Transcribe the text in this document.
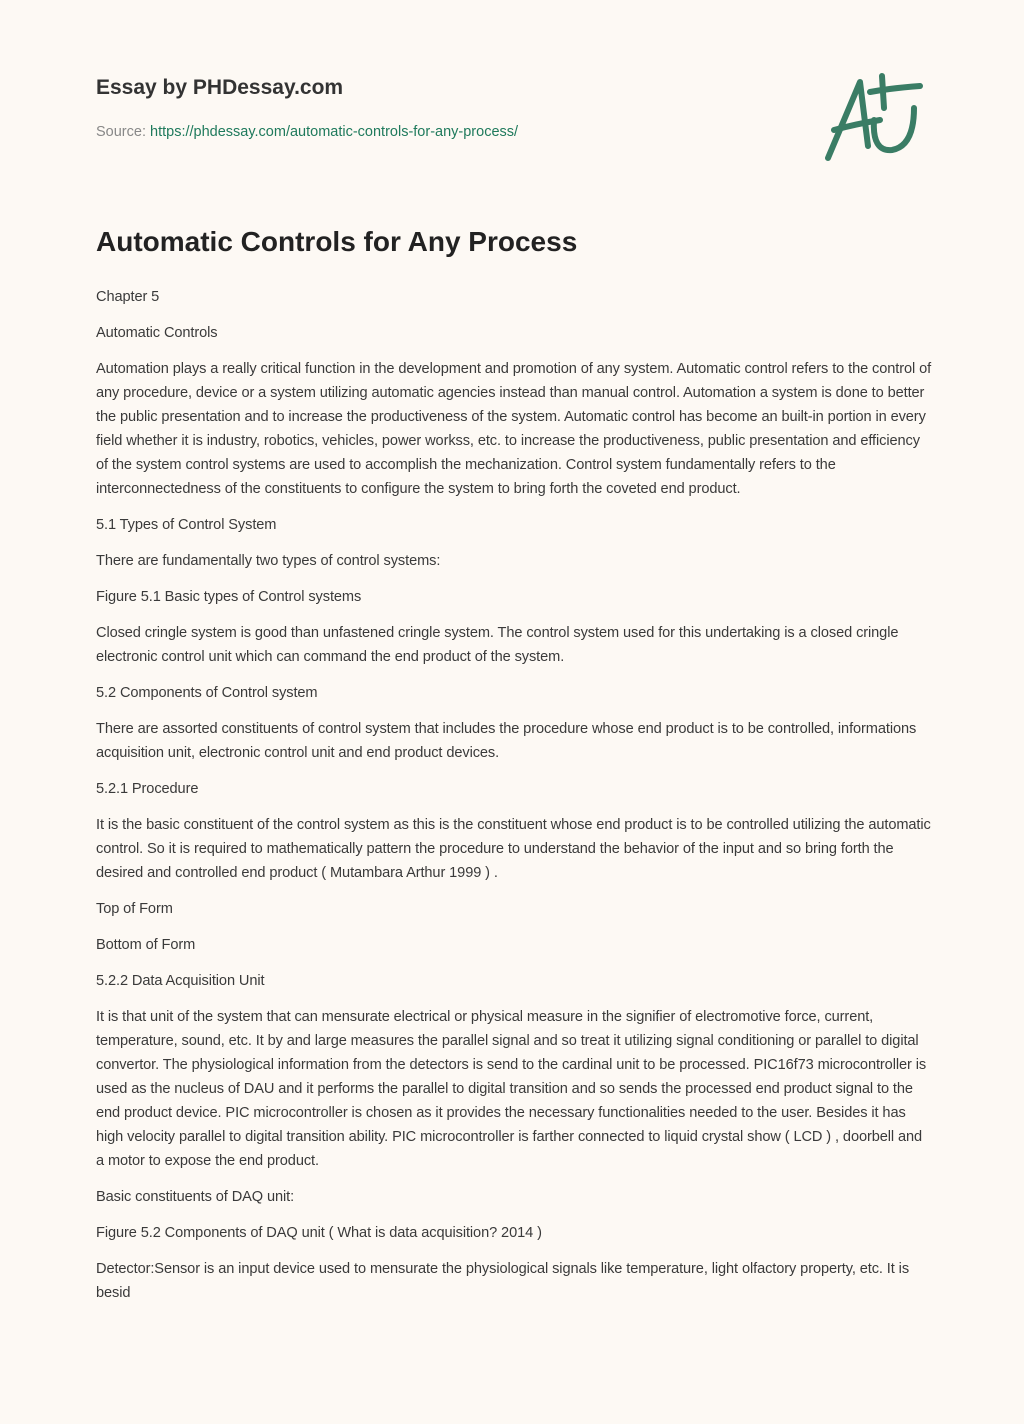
Essay by PHDessay.com
Source: https://phdessay.com/automatic-controls-for-any-process/
Automatic Controls for Any Process

Chapter 5

Automatic Controls

Automation plays a really critical function in the development and promotion of any system. Automatic control refers to the control of any procedure, device or a system utilizing automatic agencies instead than manual control. Automation a system is done to better the public presentation and to increase the productiveness of the system. Automatic control has become an built-in portion in every field whether it is industry, robotics, vehicles, power workss, etc. to increase the productiveness, public presentation and efficiency of the system control systems are used to accomplish the mechanization. Control system fundamentally refers to the interconnectedness of the constituents to configure the system to bring forth the coveted end product.

5.1 Types of Control System

There are fundamentally two types of control systems:

Figure 5.1 Basic types of Control systems

Closed cringle system is good than unfastened cringle system. The control system used for this undertaking is a closed cringle electronic control unit which can command the end product of the system.

5.2 Components of Control system

There are assorted constituents of control system that includes the procedure whose end product is to be controlled, informations acquisition unit, electronic control unit and end product devices.

5.2.1 Procedure

It is the basic constituent of the control system as this is the constituent whose end product is to be controlled utilizing the automatic control. So it is required to mathematically pattern the procedure to understand the behavior of the input and so bring forth the desired and controlled end product ( Mutambara Arthur 1999 ) .

Top of Form

Bottom of Form

5.2.2 Data Acquisition Unit

It is that unit of the system that can mensurate electrical or physical measure in the signifier of electromotive force, current, temperature, sound, etc. It by and large measures the parallel signal and so treat it utilizing signal conditioning or parallel to digital convertor. The physiological information from the detectors is send to the cardinal unit to be processed. PIC16f73 microcontroller is used as the nucleus of DAU and it performs the parallel to digital transition and so sends the processed end product signal to the end product device. PIC microcontroller is chosen as it provides the necessary functionalities needed to the user. Besides it has high velocity parallel to digital transition ability. PIC microcontroller is farther connected to liquid crystal show ( LCD ) , doorbell and a motor to expose the end product.

Basic constituents of DAQ unit:

Figure 5.2 Components of DAQ unit ( What is data acquisition? 2014 )

Detector:Sensor is an input device used to mensurate the physiological signals like temperature, light olfactory property, etc. It is besid
